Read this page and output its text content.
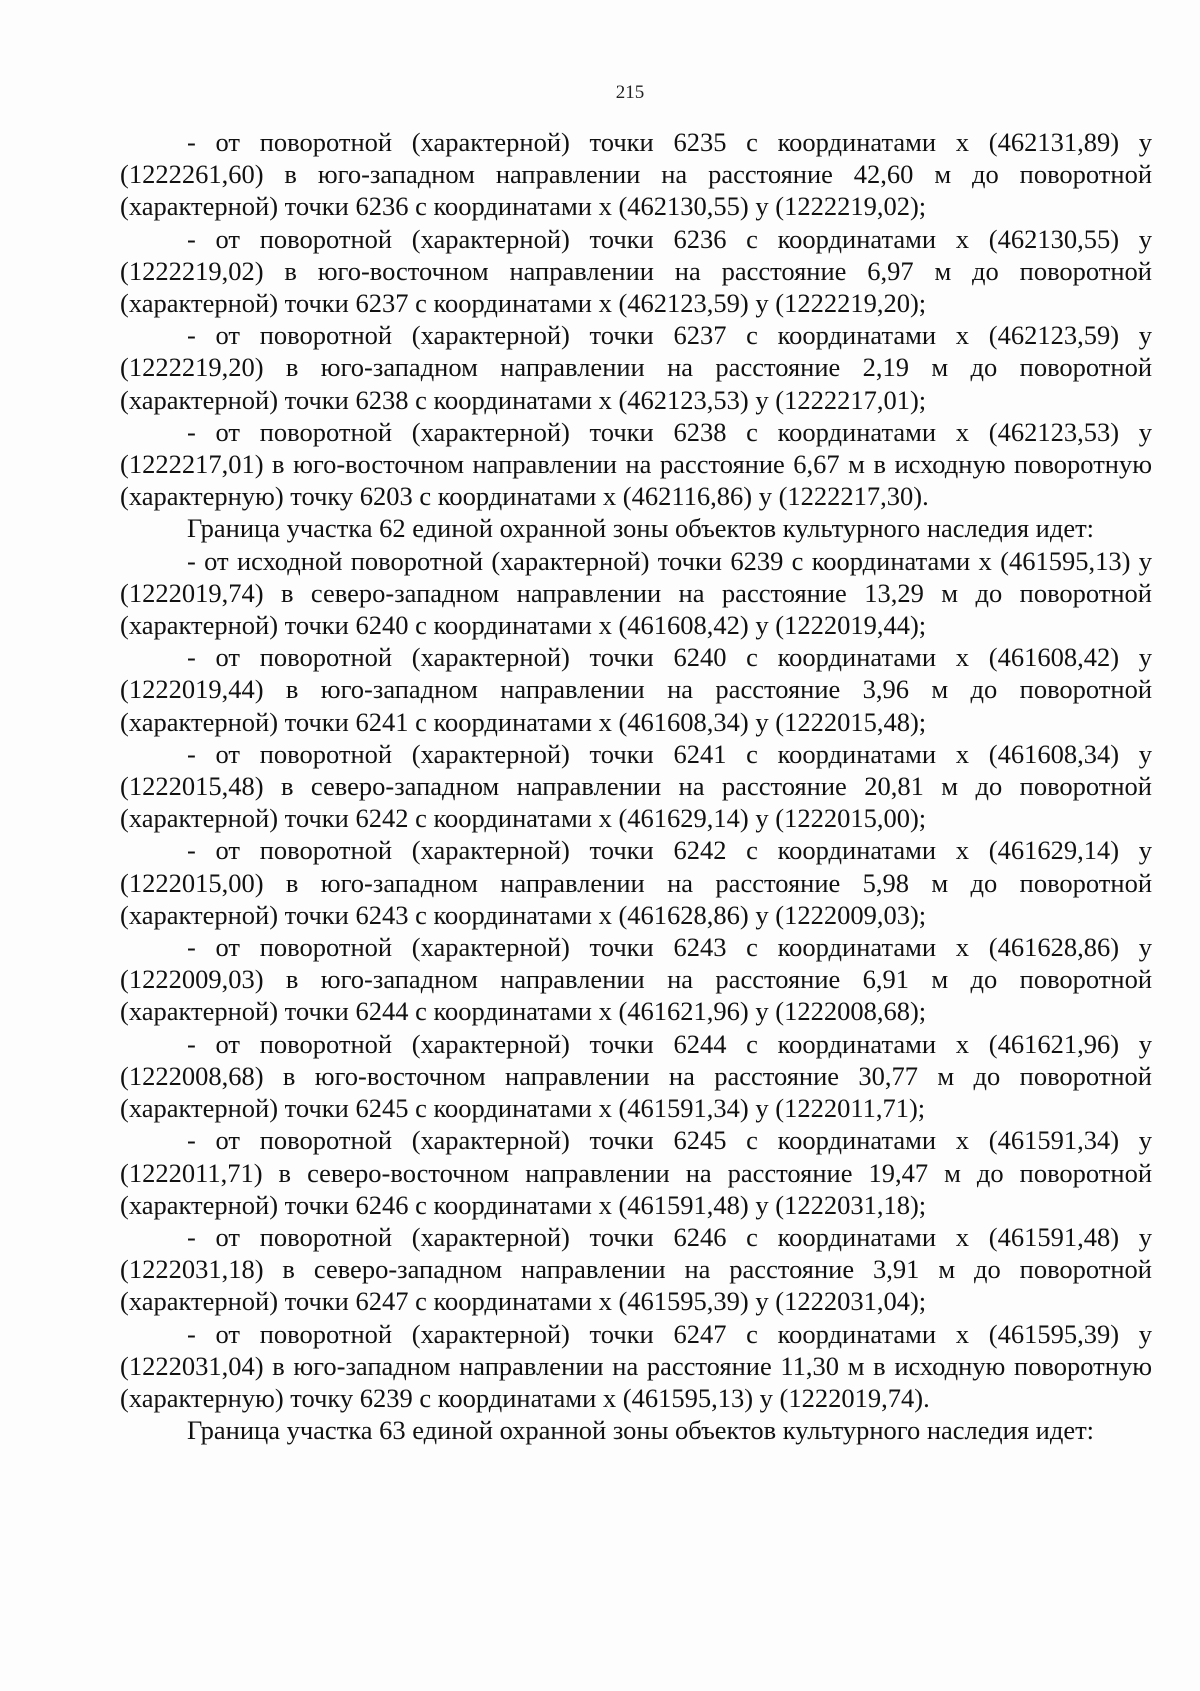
215

- от поворотной (характерной) точки 6235 с координатами x (462131,89) y (1222261,60) в юго-западном направлении на расстояние 42,60 м до поворотной (характерной) точки 6236 с координатами x (462130,55) y (1222219,02);

- от поворотной (характерной) точки 6236 с координатами x (462130,55) y (1222219,02) в юго-восточном направлении на расстояние 6,97 м до поворотной (характерной) точки 6237 с координатами x (462123,59) y (1222219,20);

- от поворотной (характерной) точки 6237 с координатами x (462123,59) y (1222219,20) в юго-западном направлении на расстояние 2,19 м до поворотной (характерной) точки 6238 с координатами x (462123,53) y (1222217,01);

- от поворотной (характерной) точки 6238 с координатами x (462123,53) y (1222217,01) в юго-восточном направлении на расстояние 6,67 м в исходную поворотную (характерную) точку 6203 с координатами x (462116,86) y (1222217,30).

Граница участка 62 единой охранной зоны объектов культурного наследия идет:

- от исходной поворотной (характерной) точки 6239 с координатами x (461595,13) y (1222019,74) в северо-западном направлении на расстояние 13,29 м до поворотной (характерной) точки 6240 с координатами x (461608,42) y (1222019,44);

- от поворотной (характерной) точки 6240 с координатами x (461608,42) y (1222019,44) в юго-западном направлении на расстояние 3,96 м до поворотной (характерной) точки 6241 с координатами x (461608,34) y (1222015,48);

- от поворотной (характерной) точки 6241 с координатами x (461608,34) y (1222015,48) в северо-западном направлении на расстояние 20,81 м до поворотной (характерной) точки 6242 с координатами x (461629,14) y (1222015,00);

- от поворотной (характерной) точки 6242 с координатами x (461629,14) y (1222015,00) в юго-западном направлении на расстояние 5,98 м до поворотной (характерной) точки 6243 с координатами x (461628,86) y (1222009,03);

- от поворотной (характерной) точки 6243 с координатами x (461628,86) y (1222009,03) в юго-западном направлении на расстояние 6,91 м до поворотной (характерной) точки 6244 с координатами x (461621,96) y (1222008,68);

- от поворотной (характерной) точки 6244 с координатами x (461621,96) y (1222008,68) в юго-восточном направлении на расстояние 30,77 м до поворотной (характерной) точки 6245 с координатами x (461591,34) y (1222011,71);

- от поворотной (характерной) точки 6245 с координатами x (461591,34) y (1222011,71) в северо-восточном направлении на расстояние 19,47 м до поворотной (характерной) точки 6246 с координатами x (461591,48) y (1222031,18);

- от поворотной (характерной) точки 6246 с координатами x (461591,48) y (1222031,18) в северо-западном направлении на расстояние 3,91 м до поворотной (характерной) точки 6247 с координатами x (461595,39) y (1222031,04);

- от поворотной (характерной) точки 6247 с координатами x (461595,39) y (1222031,04) в юго-западном направлении на расстояние 11,30 м в исходную поворотную (характерную) точку 6239 с координатами x (461595,13) y (1222019,74).

Граница участка 63 единой охранной зоны объектов культурного наследия идет:
